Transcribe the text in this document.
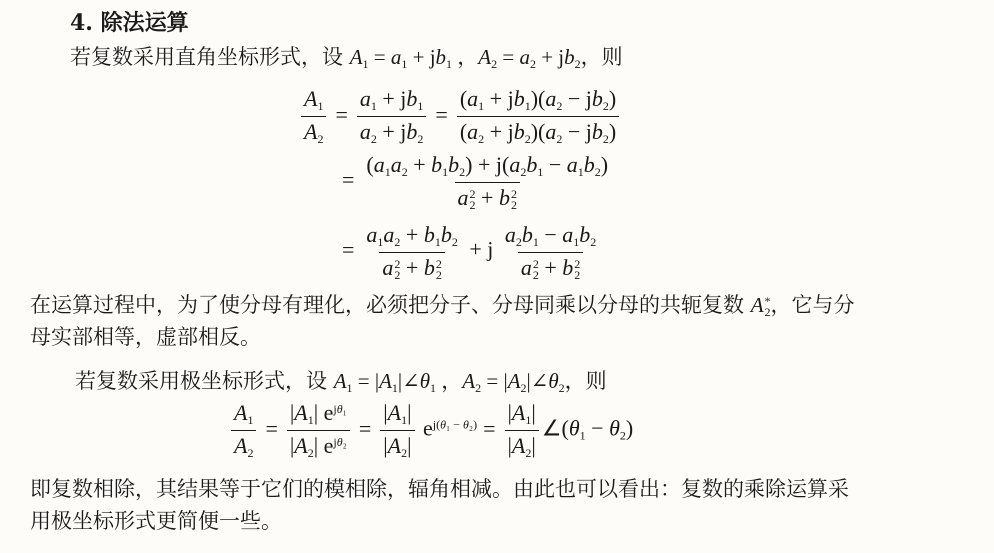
4. 除法运算
若复数采用直角坐标形式，设 $A_1 = a_1 + jb_1$ ，$A_2 = a_2 + jb_2$，则
$\frac{A_1}{A_2} = \frac{a_1 + jb_1}{a_2 + jb_2} = \frac{(a_1 + jb_1)(a_2 - jb_2)}{(a_2 + jb_2)(a_2 - jb_2)}$
= $(a_1a_2 + b_1b_2) + j(a_2b_1 - a_1b_2)$
a 2
2 + b 2
2
= $a_1a_2 + b_1b_2$
a 2
2 + b 2
2 + j $a_2b_1 - a_1b_2$
a 2
2 + b 2
2
在运算过程中，为了使分母有理化，必须把分子、分母同乘以分母的共轭复数 A *
2 ，它与分
母实部相等，虚部相反。
若复数采用极坐标形式，设 $A_1$ = $|A_1|\angle\theta_1$ ，$A_2$ = $|A_2|\angle\theta_2$，则
$\frac{A_1}{A_2} = \frac{|A_1| e^{j\theta_1}}{|A_2| e^{j\theta_2}} = \frac{|A_1|}{|A_2|} e^{j(\theta_1 - \theta_2)} = \frac{|A_1|}{|A_2|}$ $\angle(\theta_1 - \theta_2)$
即复数相除，其结果等于它们的模相除，辐角相减。由此也可以看出：复数的乘除运算采
用极坐标形式更简便一些。
